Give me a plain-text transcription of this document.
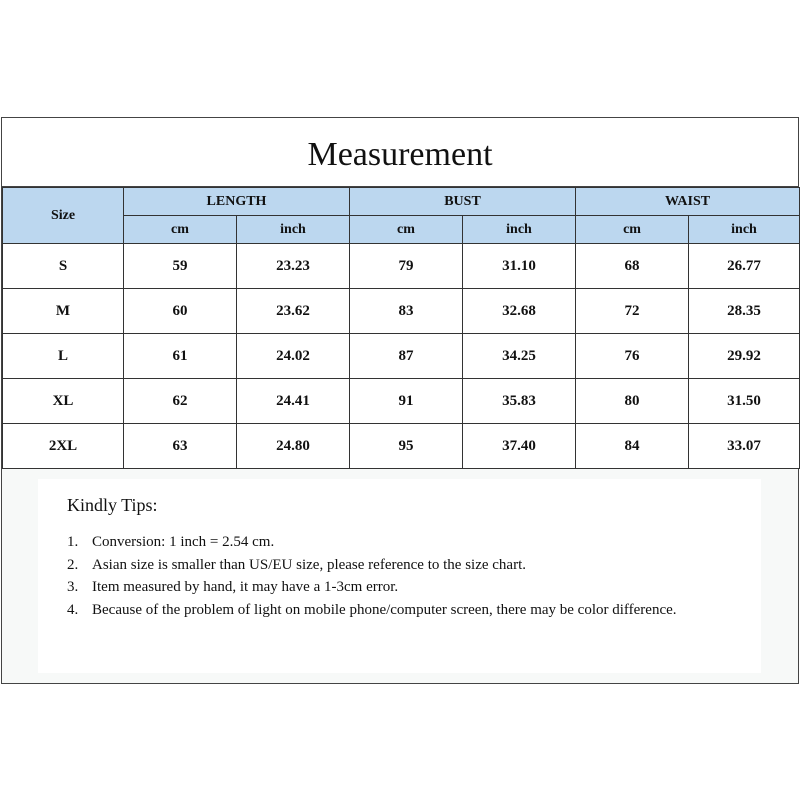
Measurement
Size	LENGTH		BUST		WAIST	
	cm	inch	cm	inch	cm	inch
S	59	23.23	79	31.10	68	26.77
M	60	23.62	83	32.68	72	28.35
L	61	24.02	87	34.25	76	29.92
XL	62	24.41	91	35.83	80	31.50
2XL	63	24.80	95	37.40	84	33.07
Kindly Tips:
1. Conversion: 1 inch = 2.54 cm.
2. Asian size is smaller than US/EU size, please reference to the size chart.
3. Item measured by hand, it may have a 1-3cm error.
4. Because of the problem of light on mobile phone/computer screen, there may be color difference.
